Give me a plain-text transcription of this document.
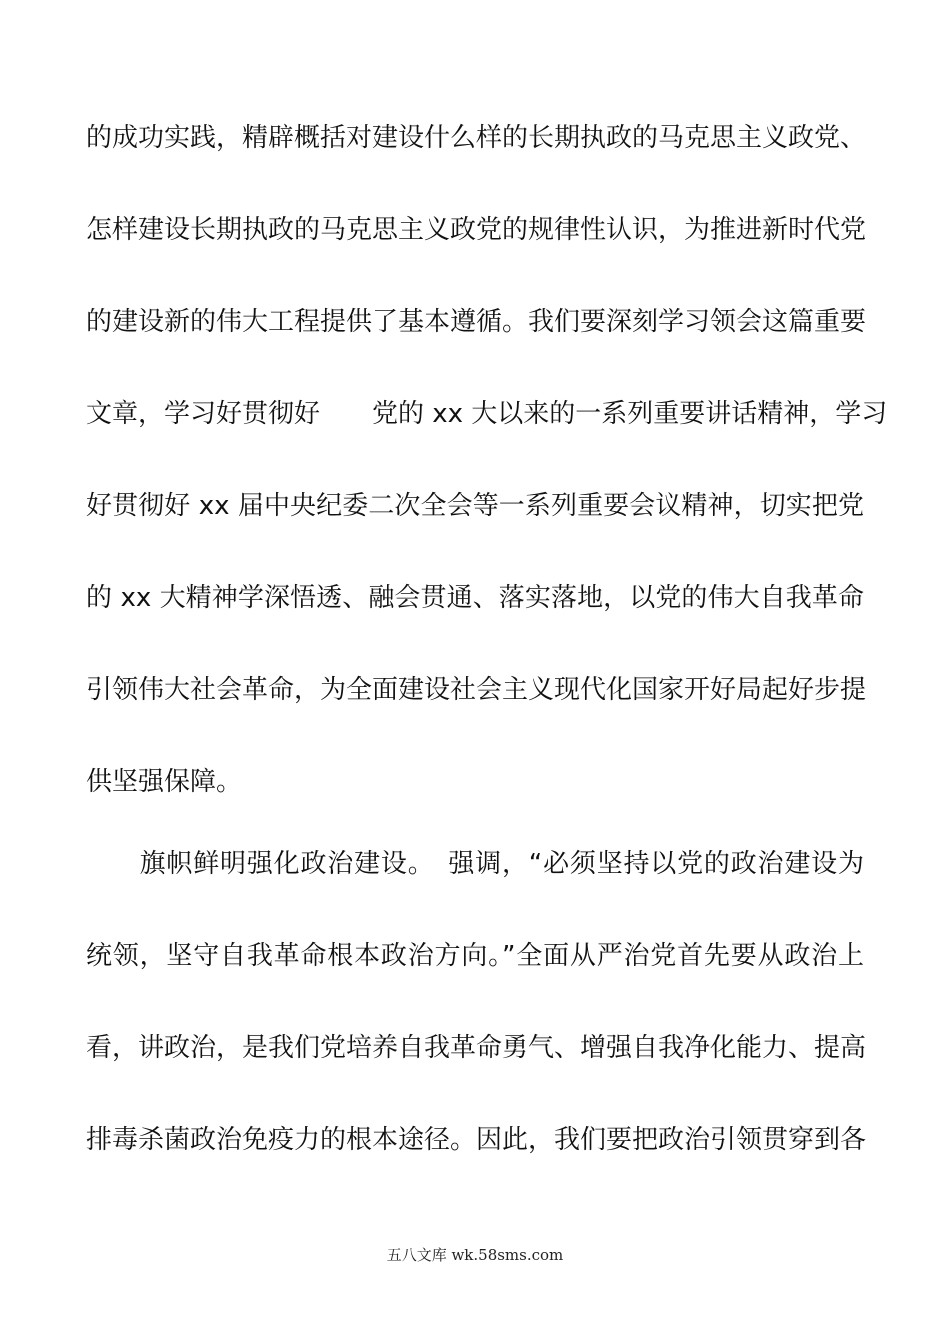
的成功实践，精辟概括对建设什么样的长期执政的马克思主义政党、
怎样建设长期执政的马克思主义政党的规律性认识，为推进新时代党
的建设新的伟大工程提供了基本遵循。我们要深刻学习领会这篇重要
文章，学习好贯彻好　　党的 xx 大以来的一系列重要讲话精神，学习
好贯彻好 xx 届中央纪委二次全会等一系列重要会议精神，切实把党
的 xx 大精神学深悟透、融会贯通、落实落地，以党的伟大自我革命
引领伟大社会革命，为全面建设社会主义现代化国家开好局起好步提
供坚强保障。
　　旗帜鲜明强化政治建设。　强调，“必须坚持以党的政治建设为
统领，坚守自我革命根本政治方向。”全面从严治党首先要从政治上
看，讲政治，是我们党培养自我革命勇气、增强自我净化能力、提高
排毒杀菌政治免疫力的根本途径。因此，我们要把政治引领贯穿到各
五八文库 wk.58sms.com
